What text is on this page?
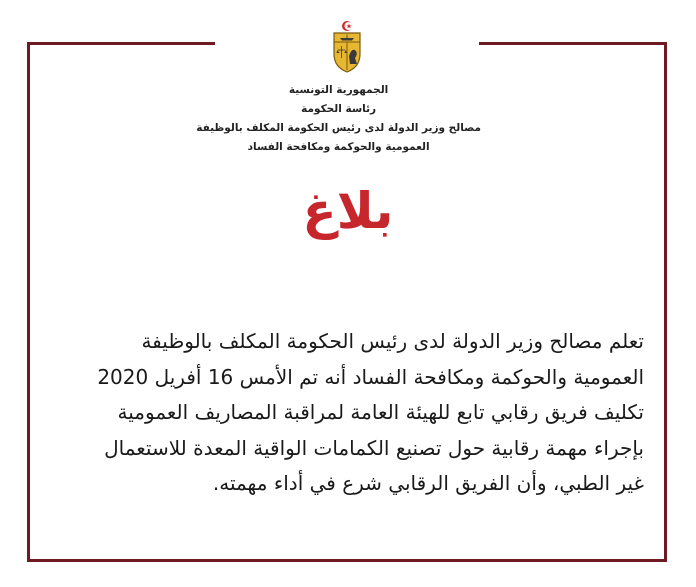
الجمهورية التونسية
رئاسة الحكومة
مصالح وزير الدولة لدى رئيس الحكومة المكلف بالوظيفة
العمومية والحوكمة ومكافحة الفساد
بلاغ
تعلم مصالح وزير الدولة لدى رئيس الحكومة المكلف بالوظيفة
العمومية والحوكمة ومكافحة الفساد أنه تم الأمس 16 أفريل 2020
تكليف فريق رقابي تابع للهيئة العامة لمراقبة المصاريف العمومية
بإجراء مهمة رقابية حول تصنيع الكمامات الواقية المعدة للاستعمال
غير الطبي، وأن الفريق الرقابي شرع في أداء مهمته.
